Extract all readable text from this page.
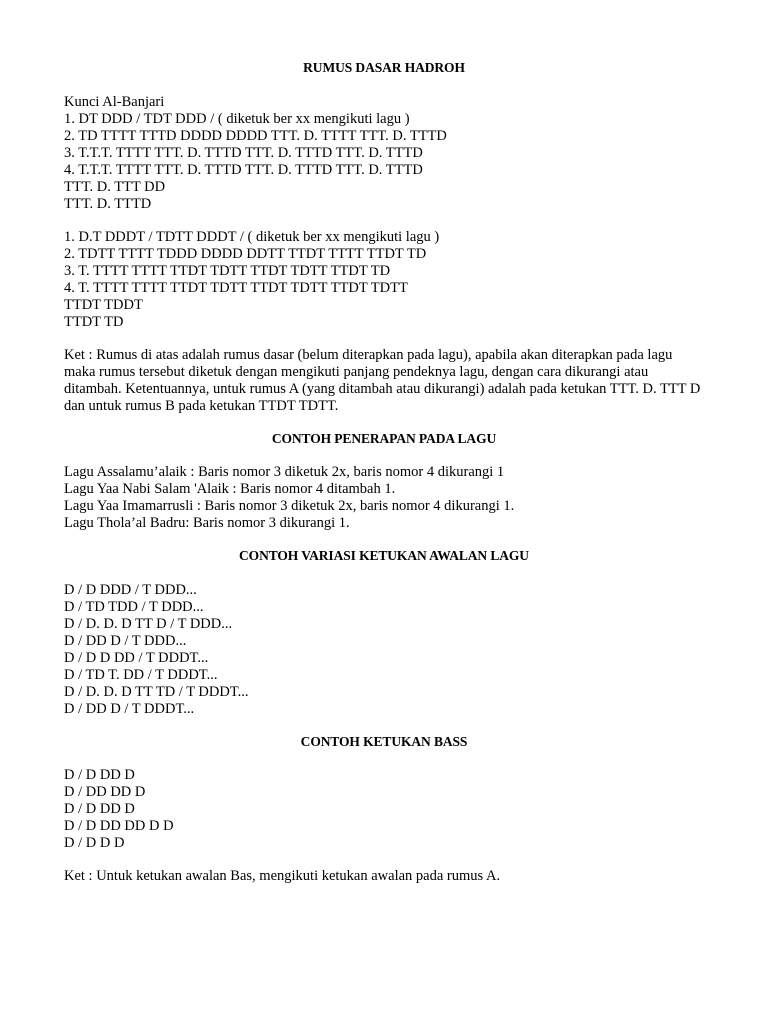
RUMUS DASAR HADROH
Kunci Al-Banjari
1. DT DDD / TDT DDD / ( diketuk ber xx mengikuti lagu )
2. TD TTTT TTTD DDDD DDDD TTT. D. TTTT TTT. D. TTTD
3. T.T.T. TTTT TTT. D. TTTD TTT. D. TTTD TTT. D. TTTD
4. T.T.T. TTTT TTT. D. TTTD TTT. D. TTTD TTT. D. TTTD
TTT. D. TTT DD
TTT. D. TTTD
1. D.T DDDT / TDTT DDDT / ( diketuk ber xx mengikuti lagu )
2. TDTT TTTT TDDD DDDD DDTT TTDT TTTT TTDT TD
3. T. TTTT TTTT TTDT TDTT TTDT TDTT TTDT TD
4. T. TTTT TTTT TTDT TDTT TTDT TDTT TTDT TDTT
TTDT TDDT
TTDT TD
Ket : Rumus di atas adalah rumus dasar (belum diterapkan pada lagu), apabila akan diterapkan pada lagu
maka rumus tersebut diketuk dengan mengikuti panjang pendeknya lagu, dengan cara dikurangi atau
ditambah. Ketentuannya, untuk rumus A (yang ditambah atau dikurangi) adalah pada ketukan TTT. D. TTT D
dan untuk rumus B pada ketukan TTDT TDTT.
CONTOH PENERAPAN PADA LAGU
Lagu Assalamu’alaik : Baris nomor 3 diketuk 2x, baris nomor 4 dikurangi 1
Lagu Yaa Nabi Salam 'Alaik : Baris nomor 4 ditambah 1.
Lagu Yaa Imamarrusli : Baris nomor 3 diketuk 2x, baris nomor 4 dikurangi 1.
Lagu Thola’al Badru: Baris nomor 3 dikurangi 1.
CONTOH VARIASI KETUKAN AWALAN LAGU
D / D DDD / T DDD...
D / TD TDD / T DDD...
D / D. D. D TT D / T DDD...
D / DD D / T DDD...
D / D D DD / T DDDT...
D / TD T. DD / T DDDT...
D / D. D. D TT TD / T DDDT...
D / DD D / T DDDT...
CONTOH KETUKAN BASS
D / D DD D
D / DD DD D
D / D DD D
D / D DD DD D D
D / D D D
Ket : Untuk ketukan awalan Bas, mengikuti ketukan awalan pada rumus A.
